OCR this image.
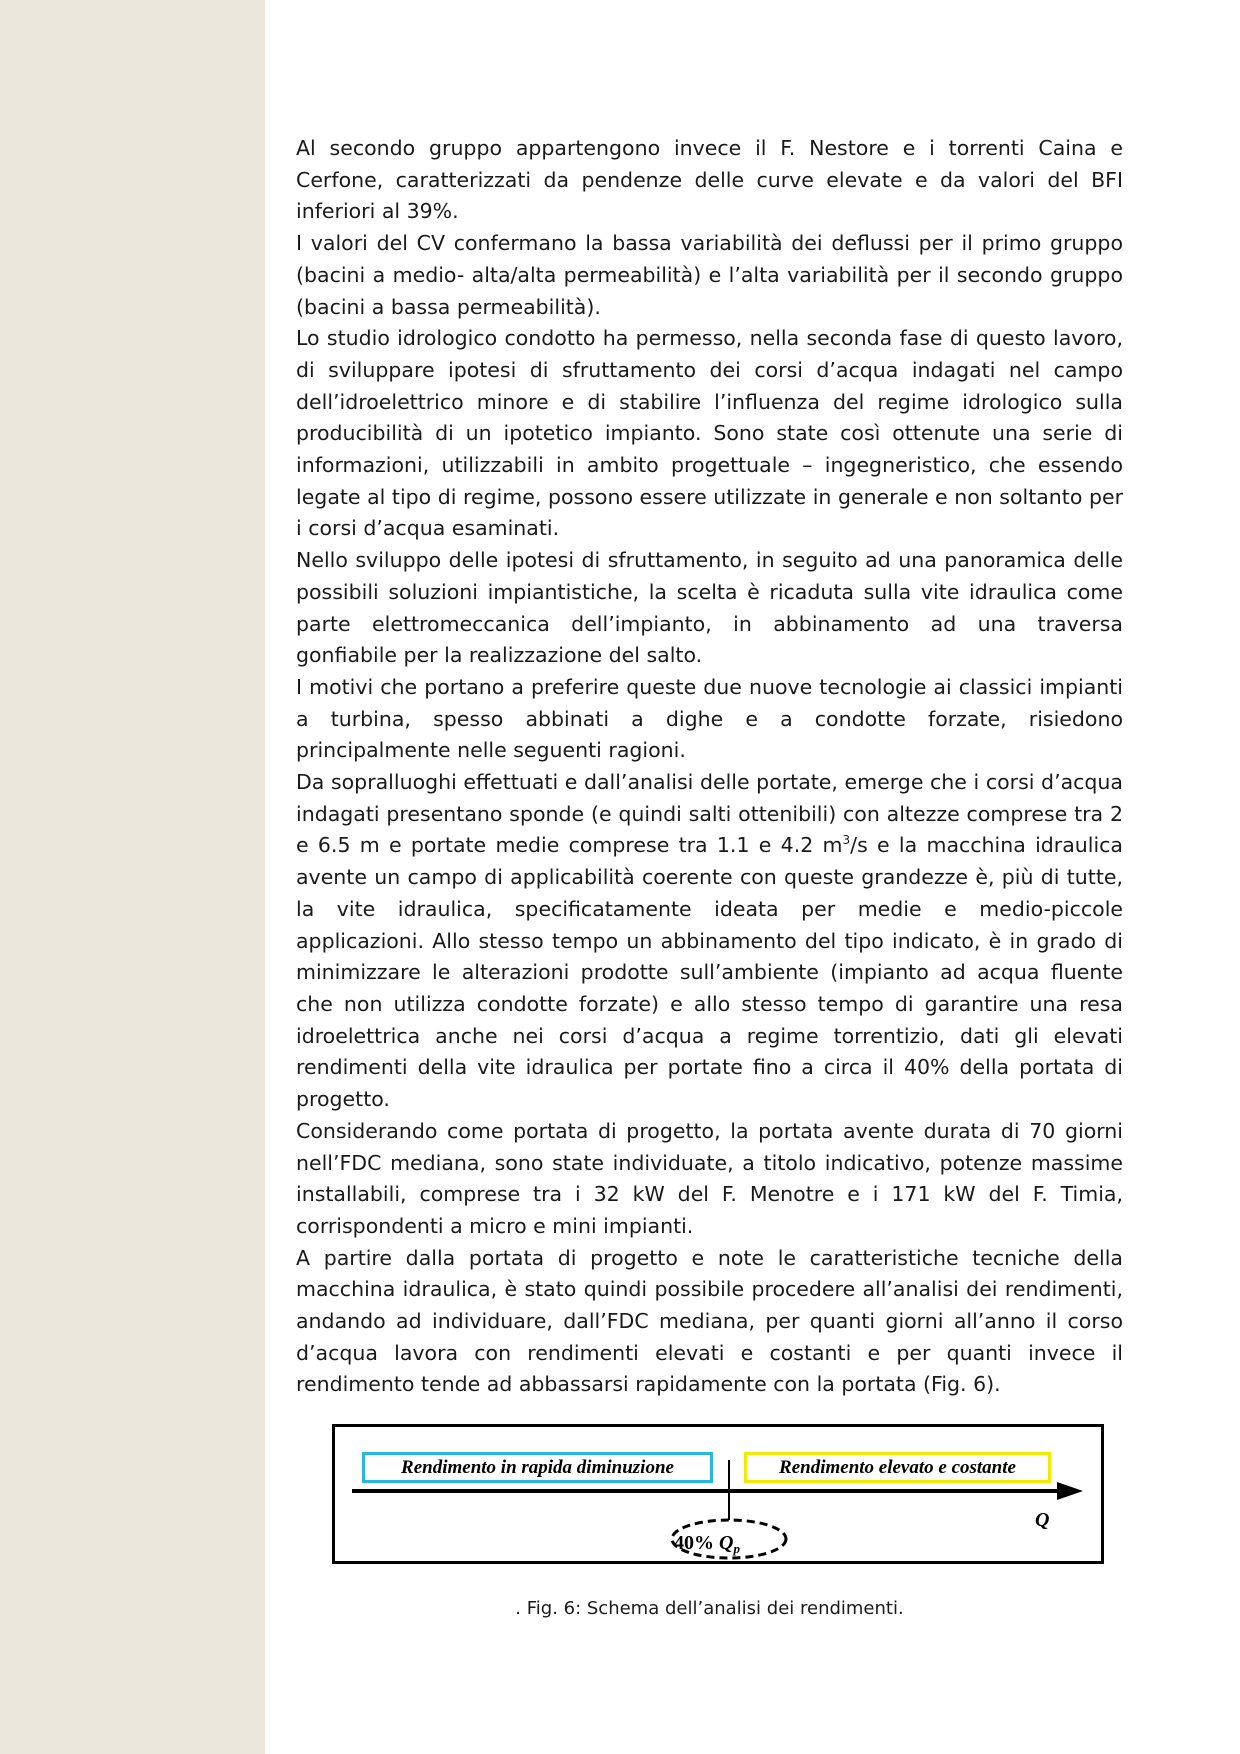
Al secondo gruppo appartengono invece il F. Nestore e i torrenti Caina e Cerfone, caratterizzati da pendenze delle curve elevate e da valori del BFI inferiori al 39%.

I valori del CV confermano la bassa variabilità dei deflussi per il primo gruppo (bacini a medio- alta/alta permeabilità) e l’alta variabilità per il secondo gruppo (bacini a bassa permeabilità).

Lo studio idrologico condotto ha permesso, nella seconda fase di questo lavoro, di sviluppare ipotesi di sfruttamento dei corsi d’acqua indagati nel campo dell’idroelettrico minore e di stabilire l’influenza del regime idrologico sulla producibilità di un ipotetico impianto. Sono state così ottenute una serie di informazioni, utilizzabili in ambito progettuale – ingegneristico, che essendo legate al tipo di regime, possono essere utilizzate in generale e non soltanto per i corsi d’acqua esaminati.

Nello sviluppo delle ipotesi di sfruttamento, in seguito ad una panoramica delle possibili soluzioni impiantistiche, la scelta è ricaduta sulla vite idraulica come parte elettromeccanica dell’impianto, in abbinamento ad una traversa gonfiabile per la realizzazione del salto.

I motivi che portano a preferire queste due nuove tecnologie ai classici impianti a turbina, spesso abbinati a dighe e a condotte forzate, risiedono principalmente nelle seguenti ragioni.

Da sopralluoghi effettuati e dall’analisi delle portate, emerge che i corsi d’acqua indagati presentano sponde (e quindi salti ottenibili) con altezze comprese tra 2 e 6.5 m e portate medie comprese tra 1.1 e 4.2 $m^3/s$ e la macchina idraulica avente un campo di applicabilità coerente con queste grandezze è, più di tutte, la vite idraulica, specificatamente ideata per medie e medio-piccole applicazioni. Allo stesso tempo un abbinamento del tipo indicato, è in grado di minimizzare le alterazioni prodotte sull’ambiente (impianto ad acqua fluente che non utilizza condotte forzate) e allo stesso tempo di garantire una resa idroelettrica anche nei corsi d’acqua a regime torrentizio, dati gli elevati rendimenti della vite idraulica per portate fino a circa il 40% della portata di progetto.

Considerando come portata di progetto, la portata avente durata di 70 giorni nell’FDC mediana, sono state individuate, a titolo indicativo, potenze massime installabili, comprese tra i 32 kW del F. Menotre e i 171 kW del F. Timia, corrispondenti a micro e mini impianti.

A partire dalla portata di progetto e note le caratteristiche tecniche della macchina idraulica, è stato quindi possibile procedere all’analisi dei rendimenti, andando ad individuare, dall’FDC mediana, per quanti giorni all’anno il corso d’acqua lavora con rendimenti elevati e costanti e per quanti invece il rendimento tende ad abbassarsi rapidamente con la portata (Fig. 6).

Rendimento in rapida diminuzione	Rendimento elevato e costante
Q
40% $Q_p$
. Fig. 6: Schema dell’analisi dei rendimenti.
